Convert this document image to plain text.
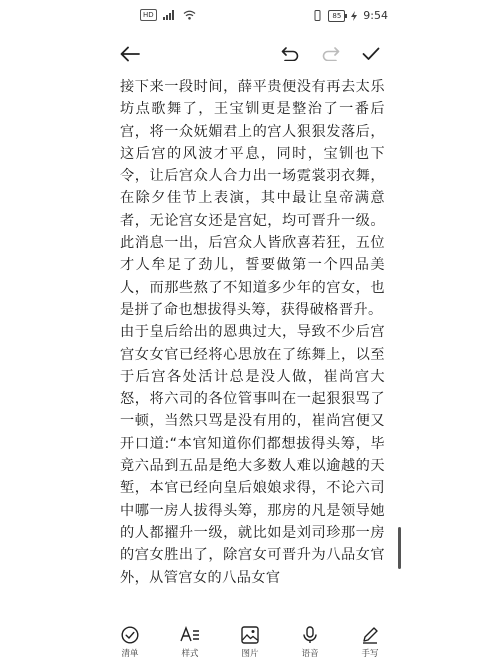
HD	85	9:54

接下来一段时间，薛平贵便没有再去太乐坊点歌舞了，王宝钏更是整治了一番后宫，将一众妩媚君上的宫人狠狠发落后，这后宫的风波才平息，同时，宝钏也下令，让后宫众人合力出一场霓裳羽衣舞，在除夕佳节上表演，其中最让皇帝满意者，无论宫女还是宫妃，均可晋升一级。此消息一出，后宫众人皆欣喜若狂，五位才人牟足了劲儿，誓要做第一个四品美人，而那些熬了不知道多少年的宫女，也是拼了命也想拔得头筹，获得破格晋升。

由于皇后给出的恩典过大，导致不少后宫宫女女官已经将心思放在了练舞上，以至于后宫各处活计总是没人做，崔尚宫大怒，将六司的各位管事叫在一起狠狠骂了一顿，当然只骂是没有用的，崔尚宫便又开口道:“本官知道你们都想拔得头筹，毕竟六品到五品是绝大多数人难以逾越的天堑，本官已经向皇后娘娘求得，不论六司中哪一房人拔得头筹，那房的凡是领导她的人都擢升一级，就比如是刘司珍那一房的宫女胜出了，除宫女可晋升为八品女官外，从管宫女的八品女官

清单	样式	图片	语音	手写
